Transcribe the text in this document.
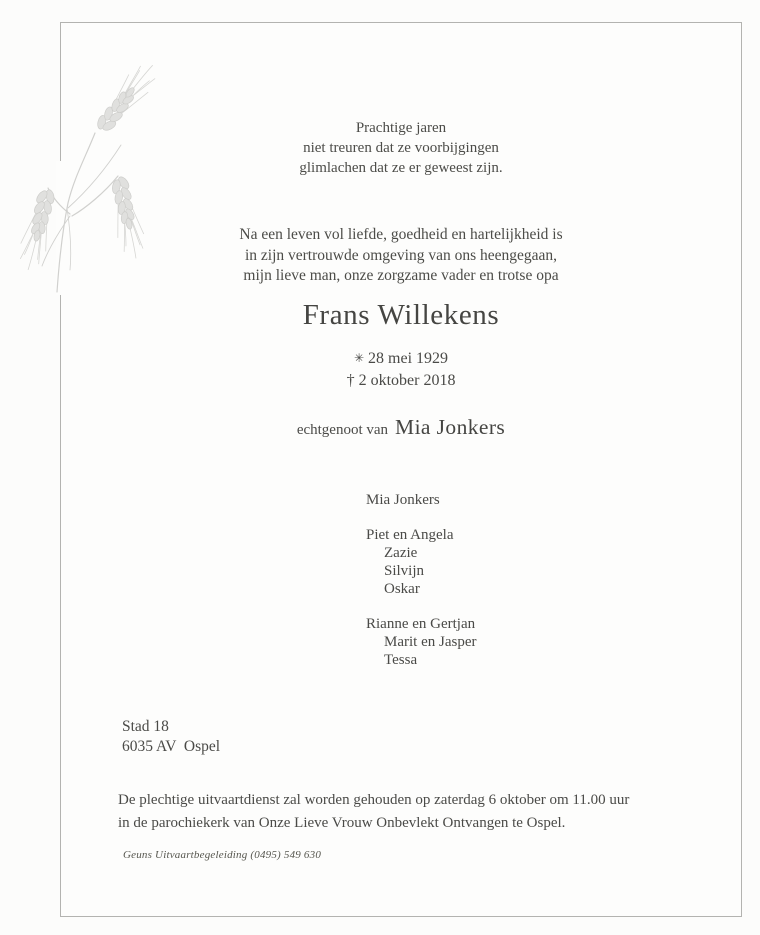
Prachtige jaren
niet treuren dat ze voorbijgingen
glimlachen dat ze er geweest zijn.
Na een leven vol liefde, goedheid en hartelijkheid is
in zijn vertrouwde omgeving van ons heengegaan,
mijn lieve man, onze zorgzame vader en trotse opa
Frans Willekens
✳ 28 mei 1929
† 2 oktober 2018
echtgenoot van Mia Jonkers
Mia Jonkers
Piet en Angela
Zazie
Silvijn
Oskar
Rianne en Gertjan
Marit en Jasper
Tessa
Stad 18
6035 AV  Ospel
De plechtige uitvaartdienst zal worden gehouden op zaterdag 6 oktober om 11.00 uur
in de parochiekerk van Onze Lieve Vrouw Onbevlekt Ontvangen te Ospel.
Geuns Uitvaartbegeleiding (0495) 549 630
